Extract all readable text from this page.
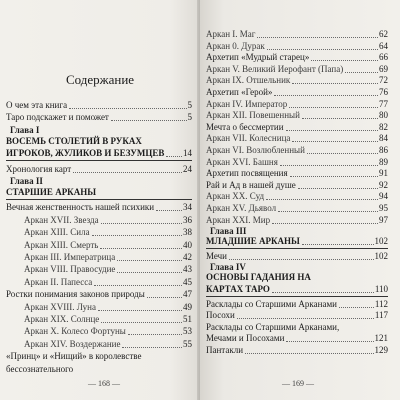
Содержание
О чем эта книга	5
Таро подскажет и поможет	5
Глава I
ВОСЕМЬ СТОЛЕТИЙ В РУКАХ
ИГРОКОВ, ЖУЛИКОВ И БЕЗУМЦЕВ 14
Хронология карт	24
Глава II
СТАРШИЕ АРКАНЫ
Вечная женственность нашей психики	34
Аркан XVII. Звезда	36
Аркан XIII. Сила	38
Аркан XIII. Смерть	40
Аркан III. Императрица	42
Аркан VIII. Правосудие	43
Аркан II. Папесса	45
Ростки понимания законов природы	47
Аркан XVIII. Луна	49
Аркан XIX. Солнце	51
Аркан X. Колесо Фортуны	53
Аркан XIV. Воздержание	55
«Принц» и «Нищий» в королевстве
бессознательного
— 168 —
Аркан I. Маг	62
Аркан 0. Дурак	64
Архетип «Мудрый старец»	66
Аркан V. Великий Иерофант (Папа)	69
Аркан IX. Отшельник	72
Архетип «Герой»	76
Аркан IV. Император	77
Аркан XII. Повешенный	80
Мечта о бессмертии	82
Аркан VII. Колесница	84
Аркан VI. Возлюбленный	86
Аркан XVI. Башня	89
Архетип посвящения	91
Рай и Ад в нашей душе	92
Аркан XX. Суд	94
Аркан XV. Дьявол	95
Аркан XXI. Мир	97
Глава III
МЛАДШИЕ АРКАНЫ	102
Мечи	102
Глава IV
ОСНОВЫ ГАДАНИЯ НА
КАРТАХ ТАРО	110
Расклады со Старшими Арканами	112
Посохи	117
Расклады со Старшими Арканами,
Мечами и Посохами	121
Пантакли	129
— 169 —
